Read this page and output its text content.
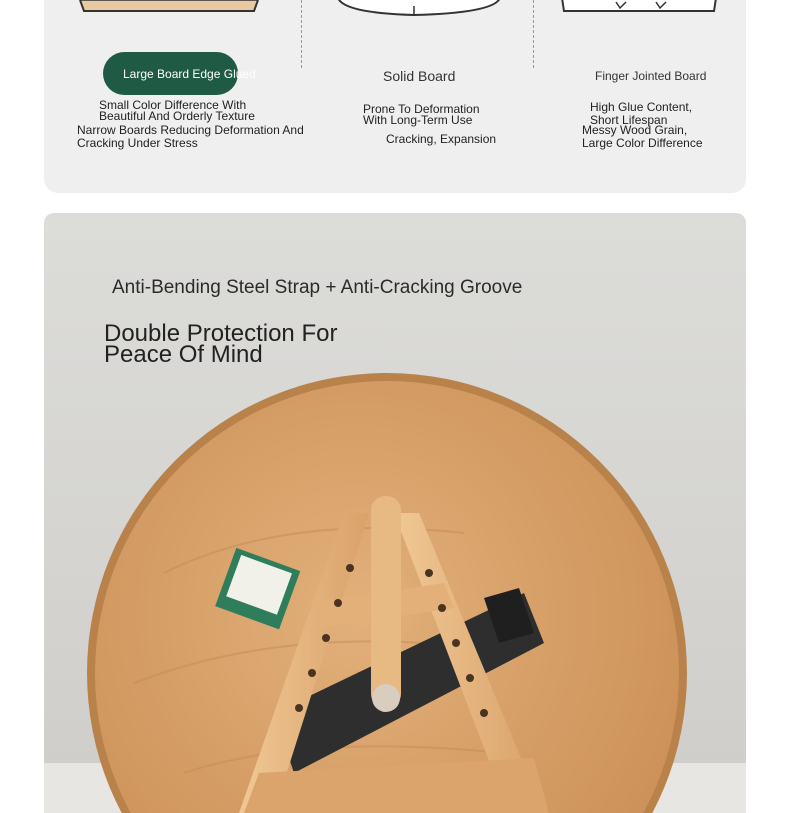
Large Board Edge Glued
Small Color Difference With
Beautiful And Orderly Texture
Narrow Boards Reducing Deformation And
Cracking Under Stress
Solid Board
Prone To Deformation
With Long-Term Use
Cracking, Expansion
Finger Jointed Board
High Glue Content,
Short Lifespan
Messy Wood Grain,
Large Color Difference
Anti-Bending Steel Strap + Anti-Cracking Groove
Double Protection For
Peace Of Mind
